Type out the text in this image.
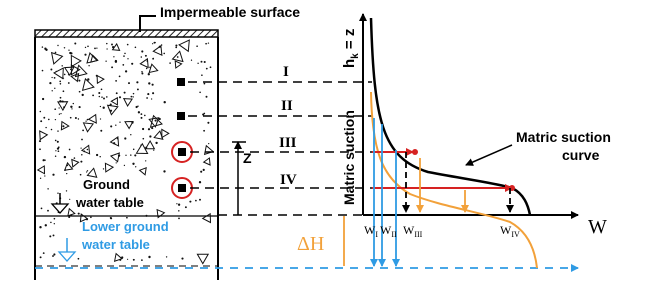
Impermeable surface
I
II
III
IV
Z
Ground
water table
Lower ground
water table	ΔH
$h_k = z$
Matric suction
W
Matric suction
curve
$W_I$ $W_{II}$ $W_{III}$	$W_{IV}$
